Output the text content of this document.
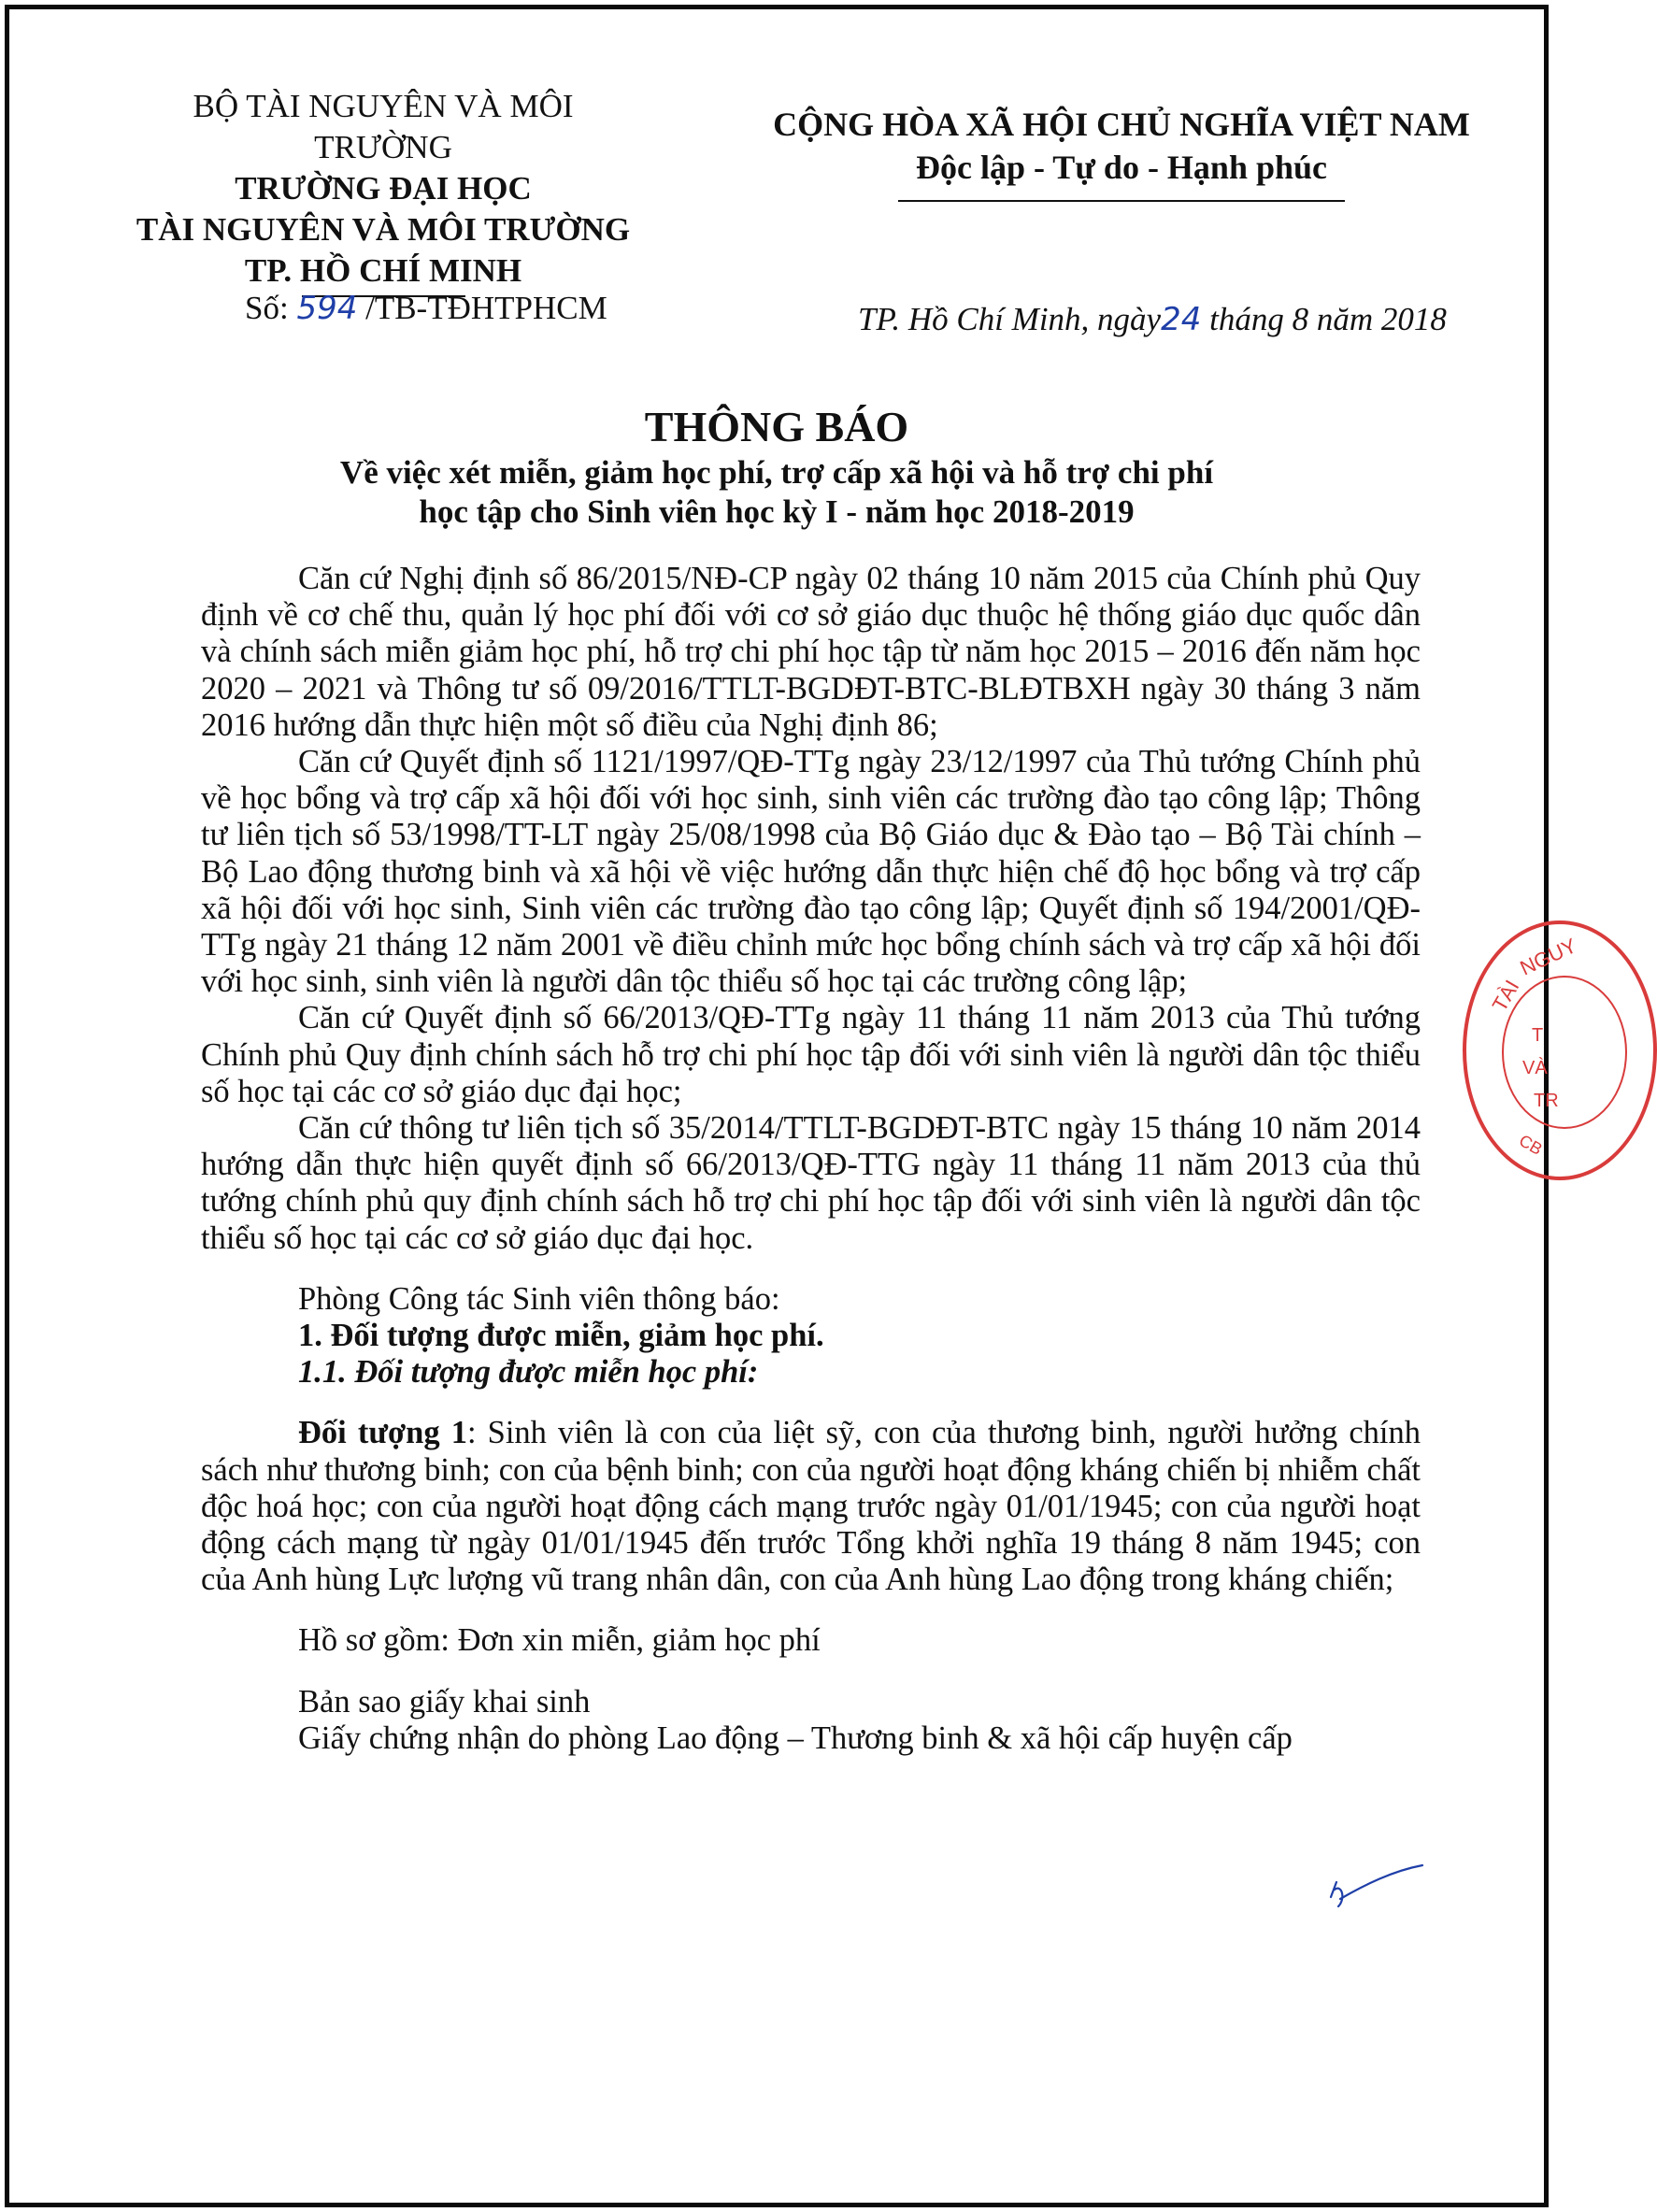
BỘ TÀI NGUYÊN VÀ MÔI TRƯỜNG
TRƯỜNG ĐẠI HỌC
TÀI NGUYÊN VÀ MÔI TRƯỜNG
TP. HỒ CHÍ MINH
CỘNG HÒA XÃ HỘI CHỦ NGHĨA VIỆT NAM
Độc lập - Tự do - Hạnh phúc
Số: 594 /TB-TĐHTPHCM	TP. Hồ Chí Minh, ngày24 tháng 8 năm 2018
THÔNG BÁO
Về việc xét miễn, giảm học phí, trợ cấp xã hội và hỗ trợ chi phí
học tập cho Sinh viên học kỳ I - năm học 2018-2019

Căn cứ Nghị định số 86/2015/NĐ-CP ngày 02 tháng 10 năm 2015 của Chính phủ Quy định về cơ chế thu, quản lý học phí đối với cơ sở giáo dục thuộc hệ thống giáo dục quốc dân và chính sách miễn giảm học phí, hỗ trợ chi phí học tập từ năm học 2015 – 2016 đến năm học 2020 – 2021 và Thông tư số 09/2016/TTLT-BGDĐT-BTC-BLĐTBXH ngày 30 tháng 3 năm 2016 hướng dẫn thực hiện một số điều của Nghị định 86;

Căn cứ Quyết định số 1121/1997/QĐ-TTg ngày 23/12/1997 của Thủ tướng Chính phủ về học bổng và trợ cấp xã hội đối với học sinh, sinh viên các trường đào tạo công lập; Thông tư liên tịch số 53/1998/TT-LT ngày 25/08/1998 của Bộ Giáo dục & Đào tạo – Bộ Tài chính – Bộ Lao động thương binh và xã hội về việc hướng dẫn thực hiện chế độ học bổng và trợ cấp xã hội đối với học sinh, Sinh viên các trường đào tạo công lập; Quyết định số 194/2001/QĐ-TTg ngày 21 tháng 12 năm 2001 về điều chỉnh mức học bổng chính sách và trợ cấp xã hội đối với học sinh, sinh viên là người dân tộc thiểu số học tại các trường công lập;

Căn cứ Quyết định số 66/2013/QĐ-TTg ngày 11 tháng 11 năm 2013 của Thủ tướng Chính phủ Quy định chính sách hỗ trợ chi phí học tập đối với sinh viên là người dân tộc thiểu số học tại các cơ sở giáo dục đại học;

Căn cứ thông tư liên tịch số 35/2014/TTLT-BGDĐT-BTC ngày 15 tháng 10 năm 2014 hướng dẫn thực hiện quyết định số 66/2013/QĐ-TTG ngày 11 tháng 11 năm 2013 của thủ tướng chính phủ quy định chính sách hỗ trợ chi phí học tập đối với sinh viên là người dân tộc thiểu số học tại các cơ sở giáo dục đại học.

Phòng Công tác Sinh viên thông báo:

1. Đối tượng được miễn, giảm học phí.

1.1. Đối tượng được miễn học phí:

Đối tượng 1: Sinh viên là con của liệt sỹ, con của thương binh, người hưởng chính sách như thương binh; con của bệnh binh; con của người hoạt động kháng chiến bị nhiễm chất độc hoá học; con của người hoạt động cách mạng trước ngày 01/01/1945; con của người hoạt động cách mạng từ ngày 01/01/1945 đến trước Tổng khởi nghĩa 19 tháng 8 năm 1945; con của Anh hùng Lực lượng vũ trang nhân dân, con của Anh hùng Lao động trong kháng chiến;

Hồ sơ gồm: Đơn xin miễn, giảm học phí

Bản sao giấy khai sinh

Giấy chứng nhận do phòng Lao động – Thương binh & xã hội cấp huyện cấp

TÀI
NGUY
T
VÀ
TR
CB
